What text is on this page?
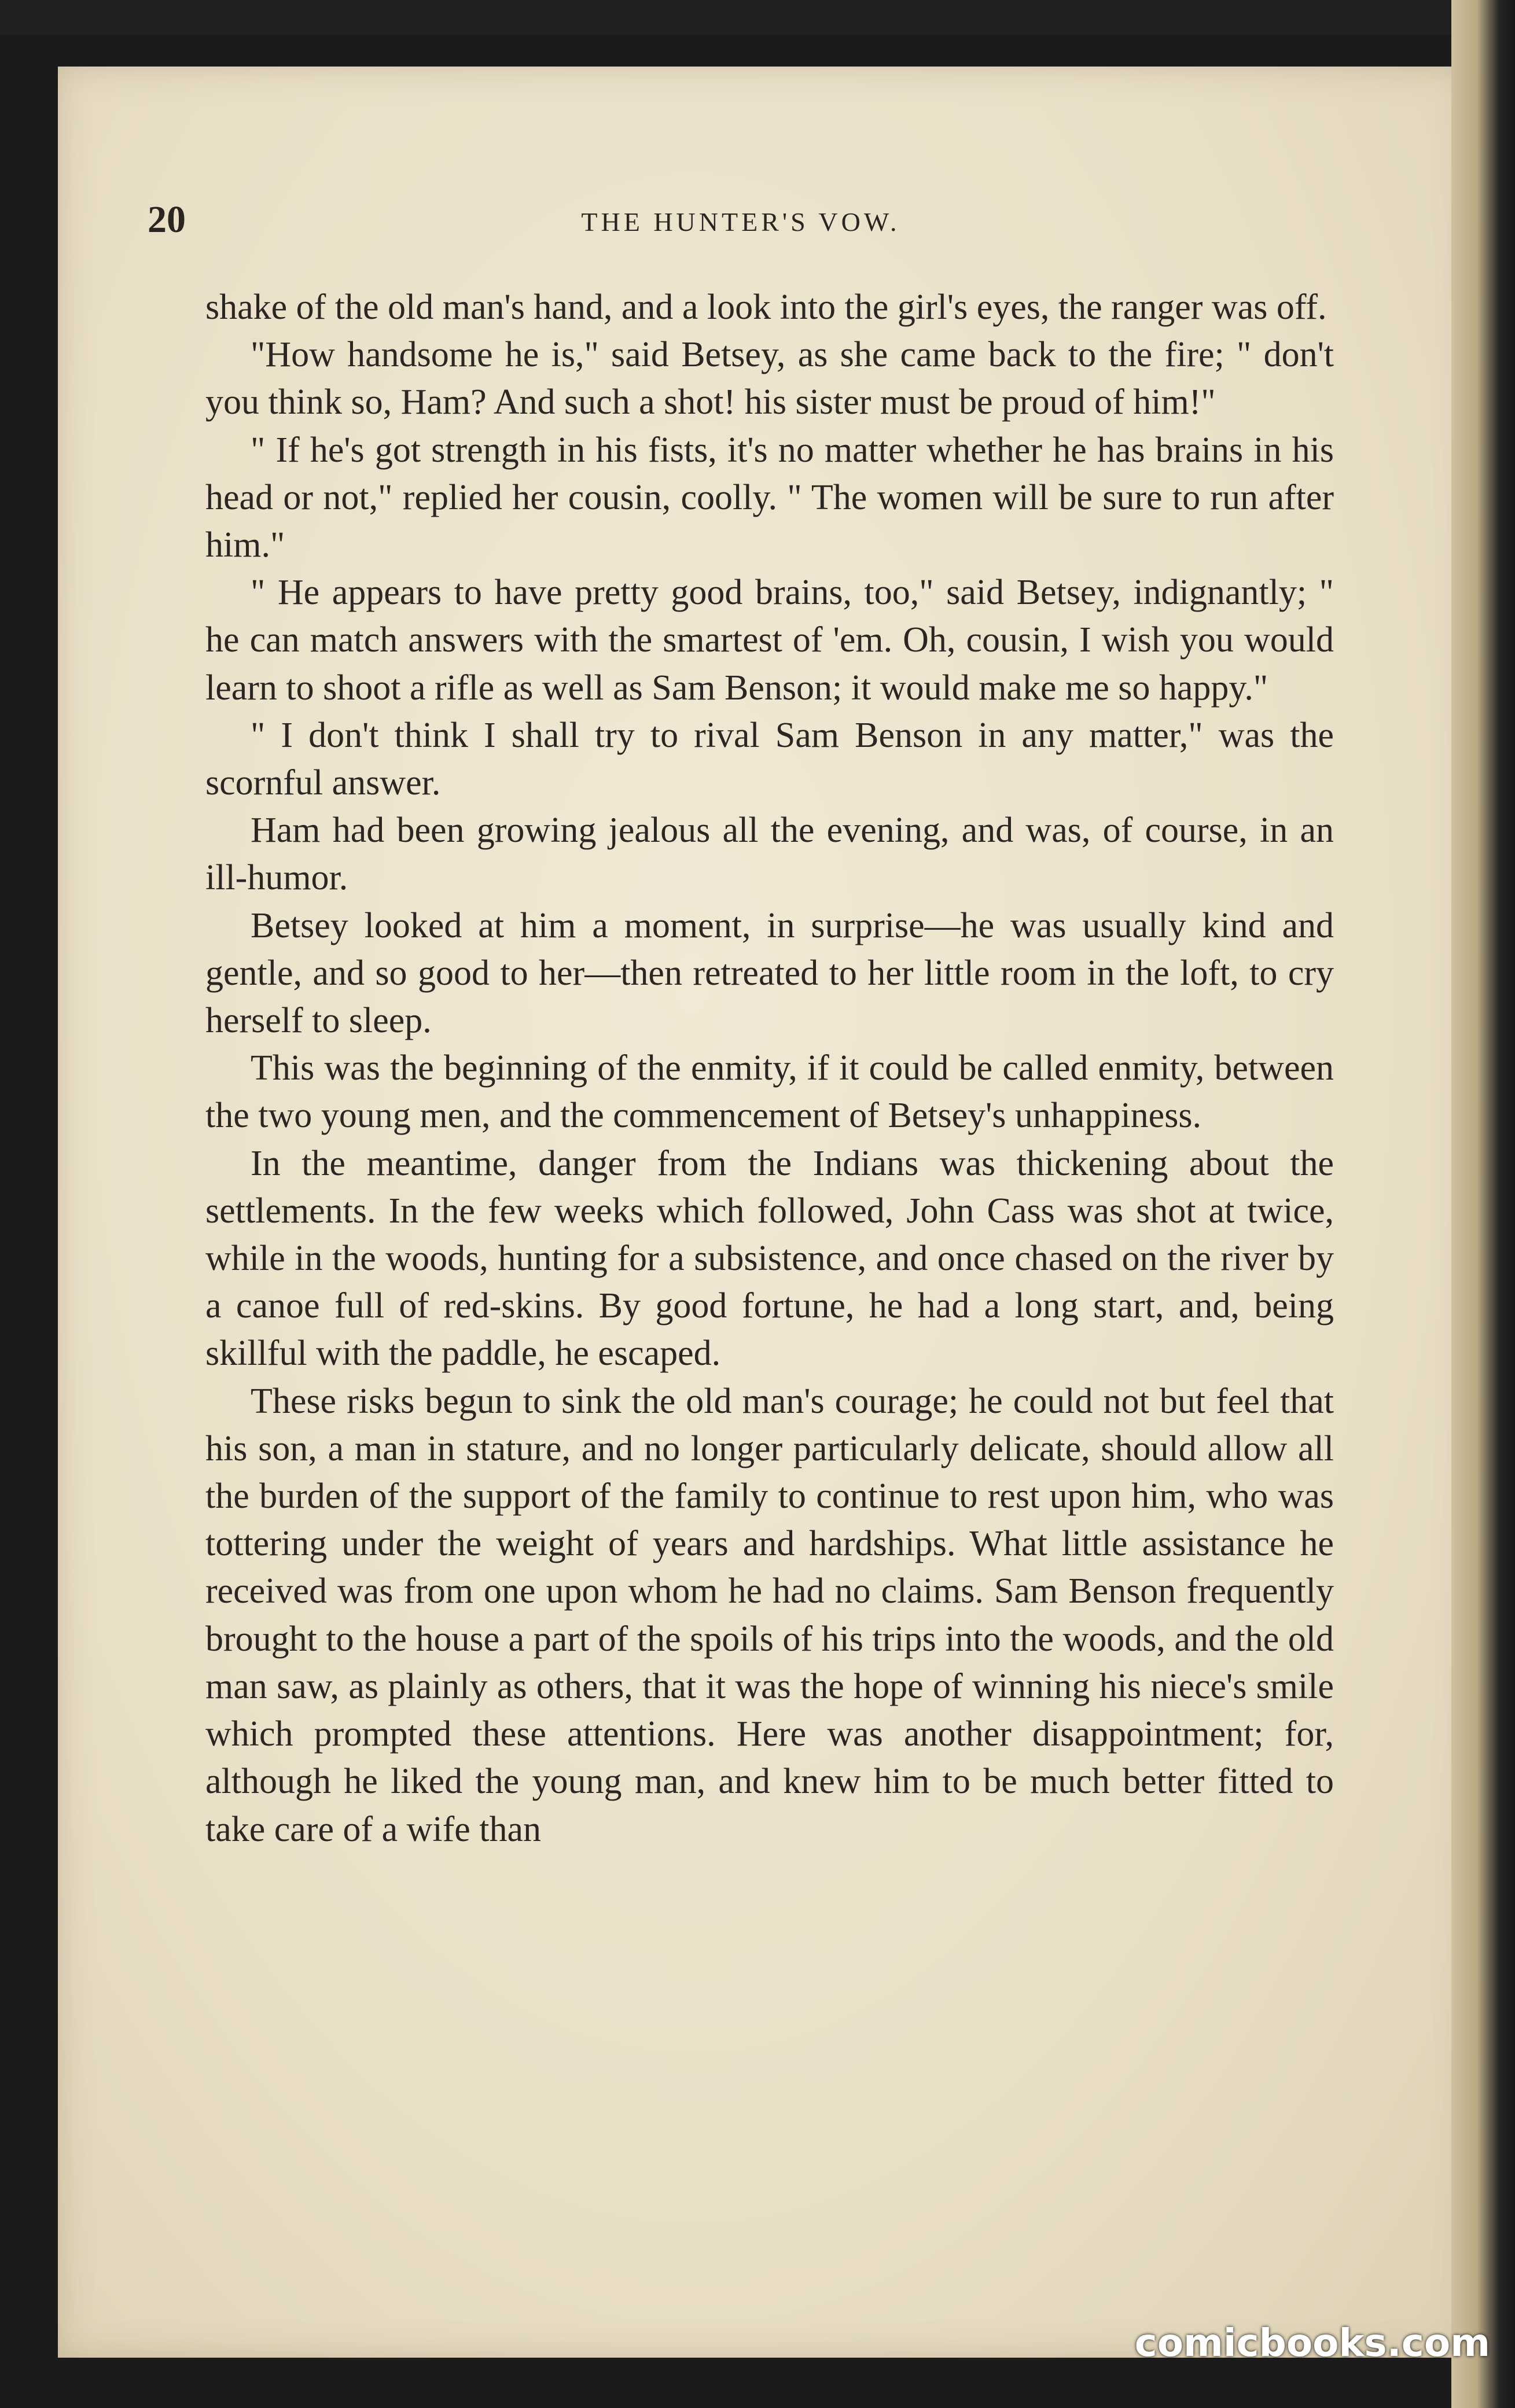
20	THE HUNTER'S VOW.

shake of the old man's hand, and a look into the girl's eyes, the ranger was off.

"How handsome he is," said Betsey, as she came back to the fire; " don't you think so, Ham? And such a shot! his sister must be proud of him!"

" If he's got strength in his fists, it's no matter whether he has brains in his head or not," replied her cousin, coolly. " The women will be sure to run after him."

" He appears to have pretty good brains, too," said Betsey, indignantly; " he can match answers with the smartest of 'em. Oh, cousin, I wish you would learn to shoot a rifle as well as Sam Benson; it would make me so happy."

" I don't think I shall try to rival Sam Benson in any matter," was the scornful answer.

Ham had been growing jealous all the evening, and was, of course, in an ill-humor.

Betsey looked at him a moment, in surprise—he was usually kind and gentle, and so good to her—then retreated to her little room in the loft, to cry herself to sleep.

This was the beginning of the enmity, if it could be called enmity, between the two young men, and the commencement of Betsey's unhappiness.

In the meantime, danger from the Indians was thickening about the settlements. In the few weeks which followed, John Cass was shot at twice, while in the woods, hunting for a subsistence, and once chased on the river by a canoe full of red-skins. By good fortune, he had a long start, and, being skillful with the paddle, he escaped.

These risks begun to sink the old man's courage; he could not but feel that his son, a man in stature, and no longer particularly delicate, should allow all the burden of the support of the family to continue to rest upon him, who was tottering under the weight of years and hardships. What little assistance he received was from one upon whom he had no claims. Sam Benson frequently brought to the house a part of the spoils of his trips into the woods, and the old man saw, as plainly as others, that it was the hope of winning his niece's smile which prompted these attentions. Here was another disappointment; for, although he liked the young man, and knew him to be much better fitted to take care of a wife than

comicbooks.com
